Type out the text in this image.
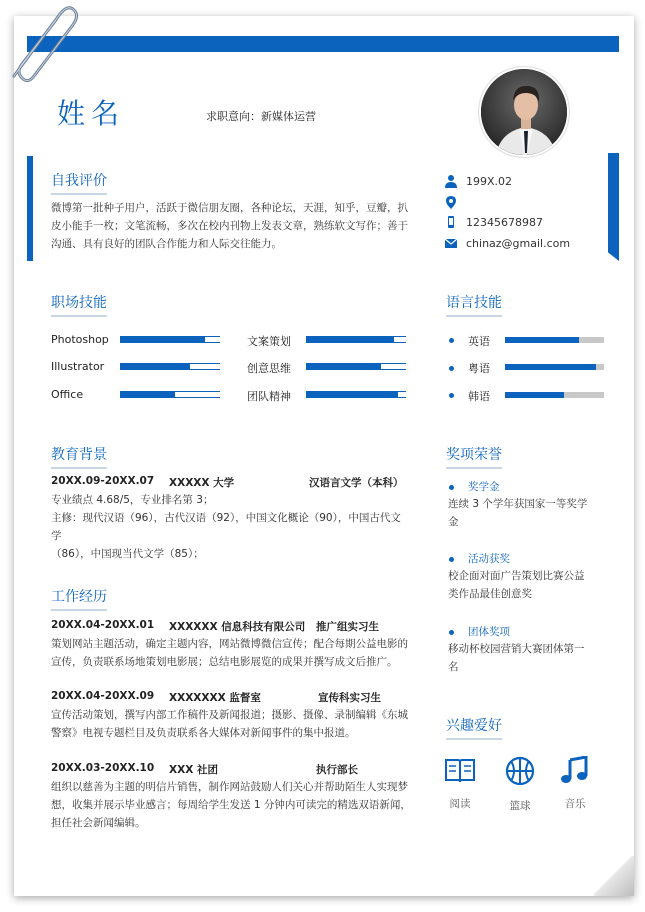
姓名	求职意向：新媒体运营
自我评价
微博第一批种子用户，活跃于微信朋友圈，各种论坛，天涯，知乎，豆瓣，扒
皮小能手一枚；文笔流畅，多次在校内刊物上发表文章，熟练软文写作；善于
沟通、具有良好的团队合作能力和人际交往能力。
199X.02
12345678987
chinaz@gmail.com
职场技能
Photoshop
Illustrator
Office
文案策划
创意思维
团队精神
语言技能
英语
粤语
韩语
教育背景
20XX.09-20XX.07 XXXXX 大学	汉语言文学（本科）
专业绩点 4.68/5，专业排名第 3；
主修：现代汉语（96），古代汉语（92），中国文化概论（90），中国古代文学
（86），中国现当代文学（85）；
工作经历
20XX.04-20XX.01 XXXXXX 信息科技有限公司 推广组实习生
策划网站主题活动，确定主题内容，网站微博微信宣传；配合每期公益电影的
宣传，负责联系场地策划电影展；总结电影展览的成果并撰写成文后推广。
20XX.04-20XX.09 XXXXXXX 监督室	宣传科实习生
宣传活动策划，撰写内部工作稿件及新闻报道；摄影、摄像、录制编辑《东城
警察》电视专题栏目及负责联系各大媒体对新闻事件的集中报道。
20XX.03-20XX.10 XXX 社团	执行部长
组织以慈善为主题的明信片销售，制作网站鼓励人们关心并帮助陌生人实现梦
想，收集并展示毕业感言；每周给学生发送 1 分钟内可读完的精选双语新闻，
担任社会新闻编辑。
奖项荣誉
奖学金
连续 3 个学年获国家一等奖学
金
活动获奖
校企面对面广告策划比赛公益
类作品最佳创意奖
团体奖项
移动杯校园营销大赛团体第一
名
兴趣爱好
阅读	篮球	音乐
